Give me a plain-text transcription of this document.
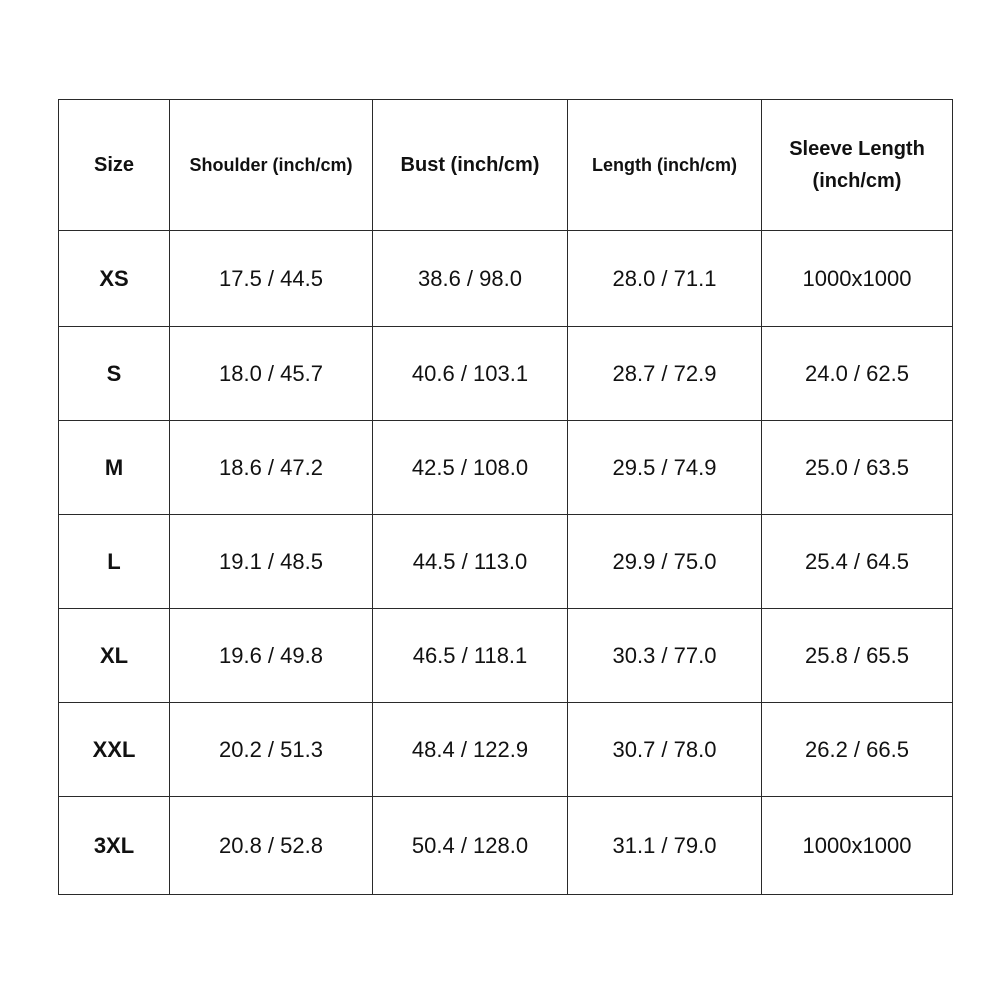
Size	Shoulder (inch/cm)	Bust (inch/cm)	Length (inch/cm)	Sleeve Length (inch/cm)
XS	17.5 / 44.5	38.6 / 98.0	28.0 / 71.1	1000x1000
S	18.0 / 45.7	40.6 / 103.1	28.7 / 72.9	24.0 / 62.5
M	18.6 / 47.2	42.5 / 108.0	29.5 / 74.9	25.0 / 63.5
L	19.1 / 48.5	44.5 / 113.0	29.9 / 75.0	25.4 / 64.5
XL	19.6 / 49.8	46.5 / 118.1	30.3 / 77.0	25.8 / 65.5
XXL	20.2 / 51.3	48.4 / 122.9	30.7 / 78.0	26.2 / 66.5
3XL	20.8 / 52.8	50.4 / 128.0	31.1 / 79.0	1000x1000
